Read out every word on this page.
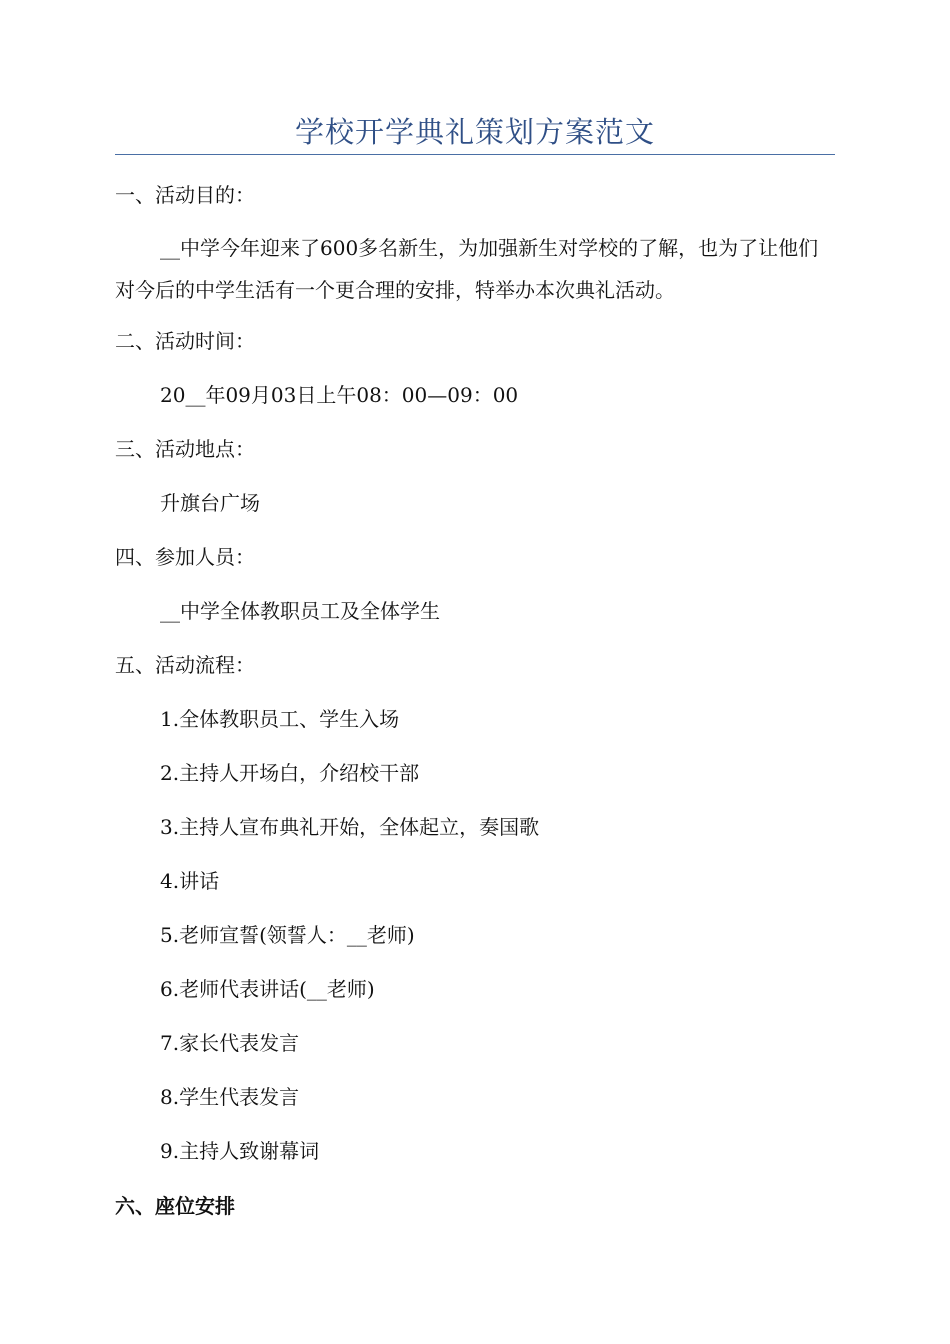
学校开学典礼策划方案范文
一、活动目的：
__中学今年迎来了600多名新生，为加强新生对学校的了解，也为了让他们对今后的中学生活有一个更合理的安排，特举办本次典礼活动。
二、活动时间：
20__年09月03日上午08：00—09：00
三、活动地点：
升旗台广场
四、参加人员：
__中学全体教职员工及全体学生
五、活动流程：
1.全体教职员工、学生入场
2.主持人开场白，介绍校干部
3.主持人宣布典礼开始，全体起立，奏国歌
4.讲话
5.老师宣誓(领誓人：__老师)
6.老师代表讲话(__老师)
7.家长代表发言
8.学生代表发言
9.主持人致谢幕词
六、座位安排
